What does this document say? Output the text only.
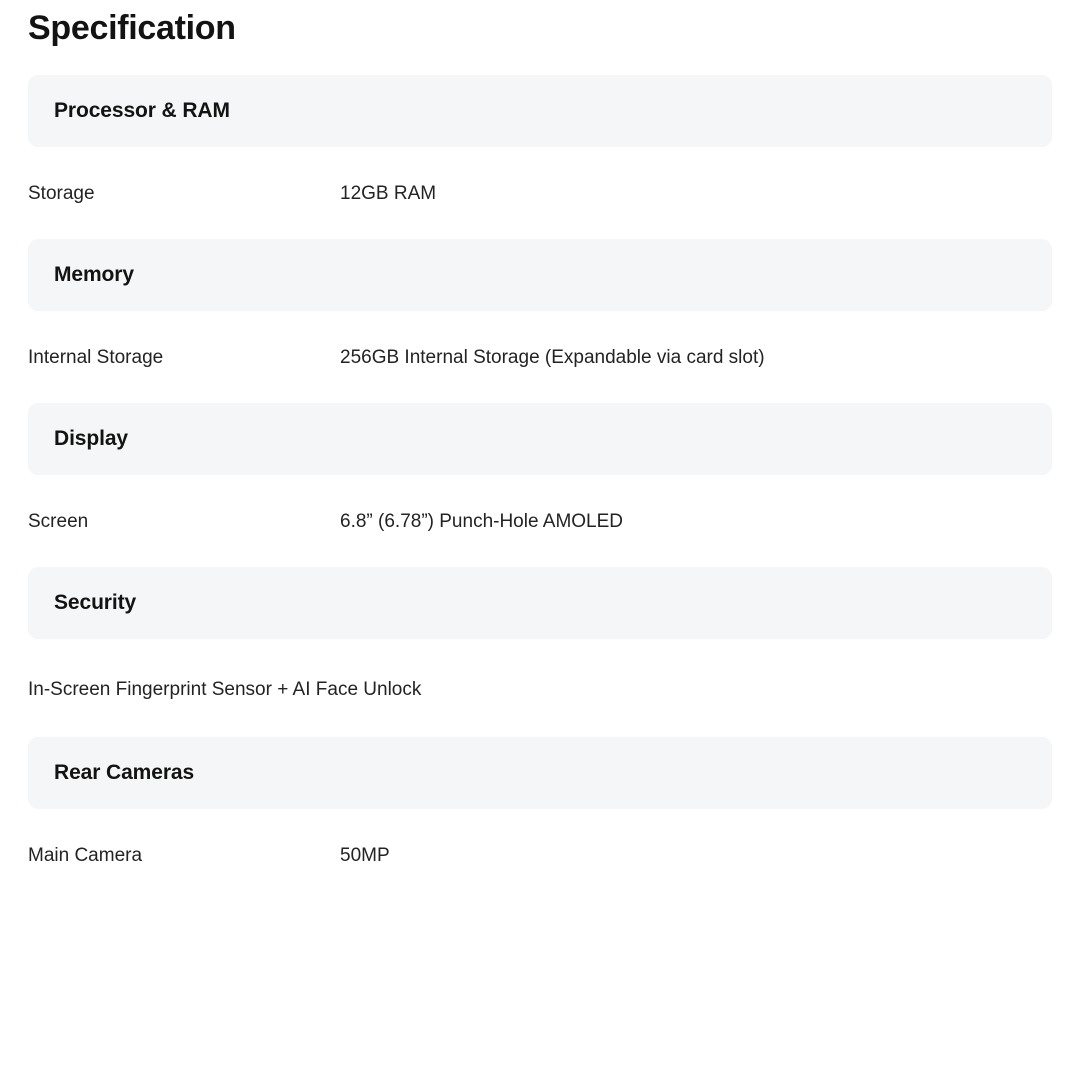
Specification
Processor & RAM
Storage	12GB RAM
Memory
Internal Storage	256GB Internal Storage (Expandable via card slot)
Display
Screen	6.8” (6.78”) Punch-Hole AMOLED
Security
In-Screen Fingerprint Sensor + AI Face Unlock
Rear Cameras
Main Camera	50MP
